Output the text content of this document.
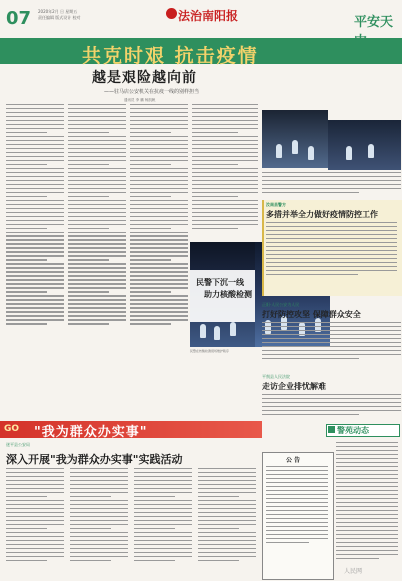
07 2020年2月 日 星期五
责任编辑 版式设计 校对	法治南阳报	平安天
共克时艰 抗击疫情
越是艰险越向前
——驻马店公安机关在抗疫一线的别样担当
通讯员 李 鹏 杨凯帆
民警下沉一线
助力核酸检测
民警在核酸检测现场维护秩序
汝南县警方
多措并举全力做好疫情防控工作
正阳·人民公安为人民
打好防控攻坚 保障群众安全
平舆县人民法院
走访企业排忧解难
GO "我为群众办实事"	警苑动态
遂平县公安局
深入开展"我为群众办实事"实践活动	公 告
人民网
